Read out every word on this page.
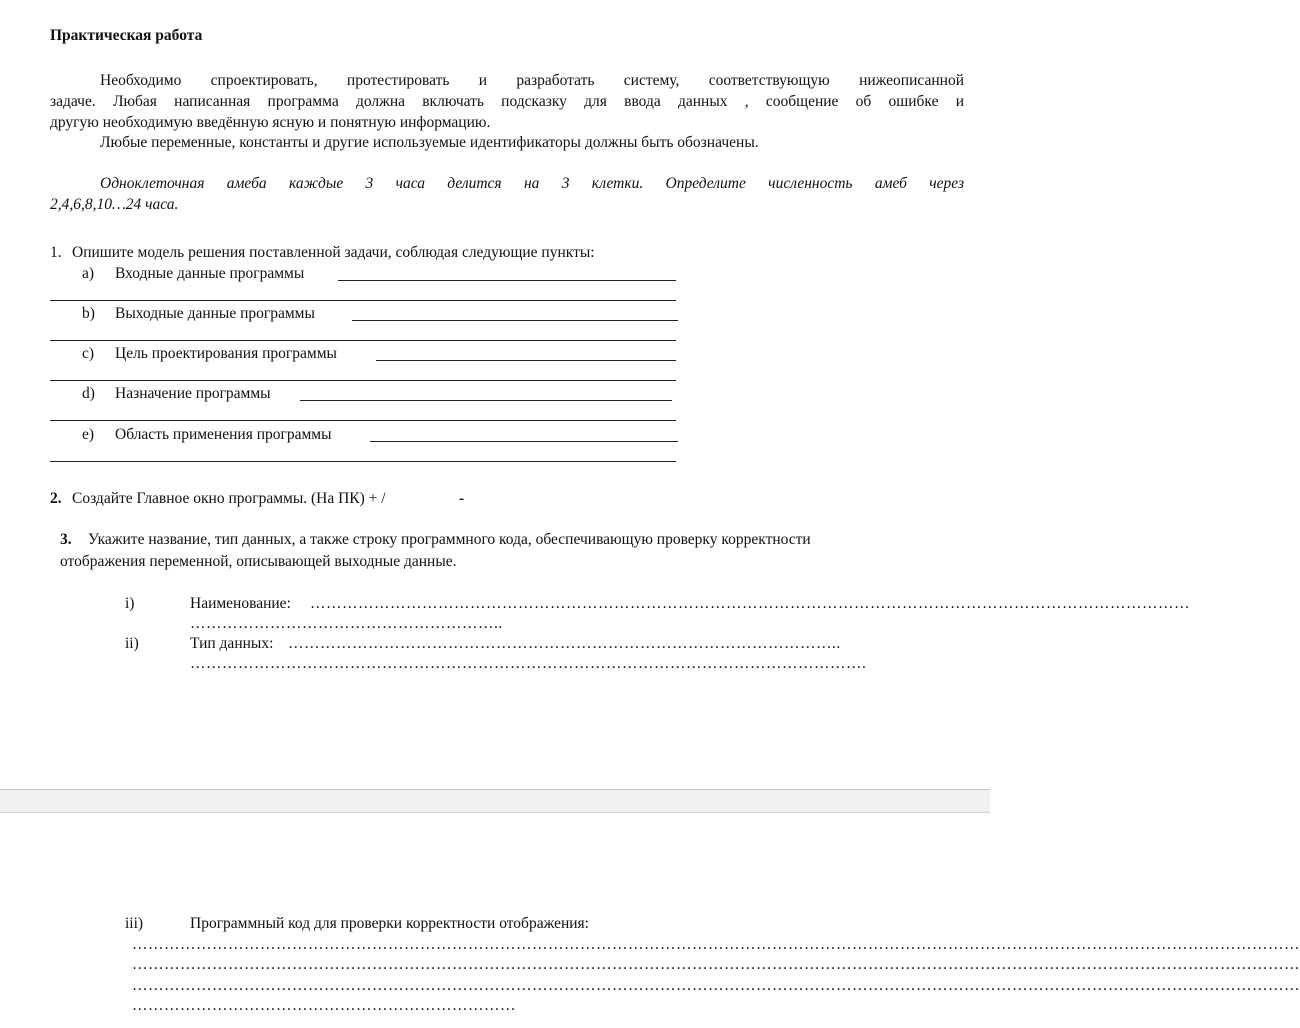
Практическая работа
Необходимо спроектировать, протестировать и разработать систему, соответствующую нижеописанной
задаче. Любая написанная программа должна включать подсказку для ввода данных , сообщение об ошибке и
другую необходимую введённую ясную и понятную информацию.
Любые переменные, константы и другие используемые идентификаторы должны быть обозначены.
Одноклеточная амеба каждые 3 часа делится на 3 клетки. Определите численность амеб через
2,4,6,8,10…24 часа.
1. Опишите модель решения поставленной задачи, соблюдая следующие пункты:
a) Входные данные программы
b) Выходные данные программы
c) Цель проектирования программы
d) Назначение программы
e) Область применения программы
2. Создайте Главное окно программы. (На ПК) + /	-
3. Укажите название, тип данных, а также строку программного кода, обеспечивающую проверку корректности
отображения переменной, описывающей выходные данные.
i)	Наименование: …………………………………………………………………………………………………………………………………………………
…………………………………………………..
ii)	Тип данных: …………………………………………………………………………………………..
……………………………………………………………………………………………………………….
iii)	Программный код для проверки корректности отображения:
…………………………………………………………………………………………………………………………………………………………………………………………………
…………………………………………………………………………………………………………………………………………………………………………………………………
…………………………………………………………………………………………………………………………………………………………………………………………………
………………………………………………………………
